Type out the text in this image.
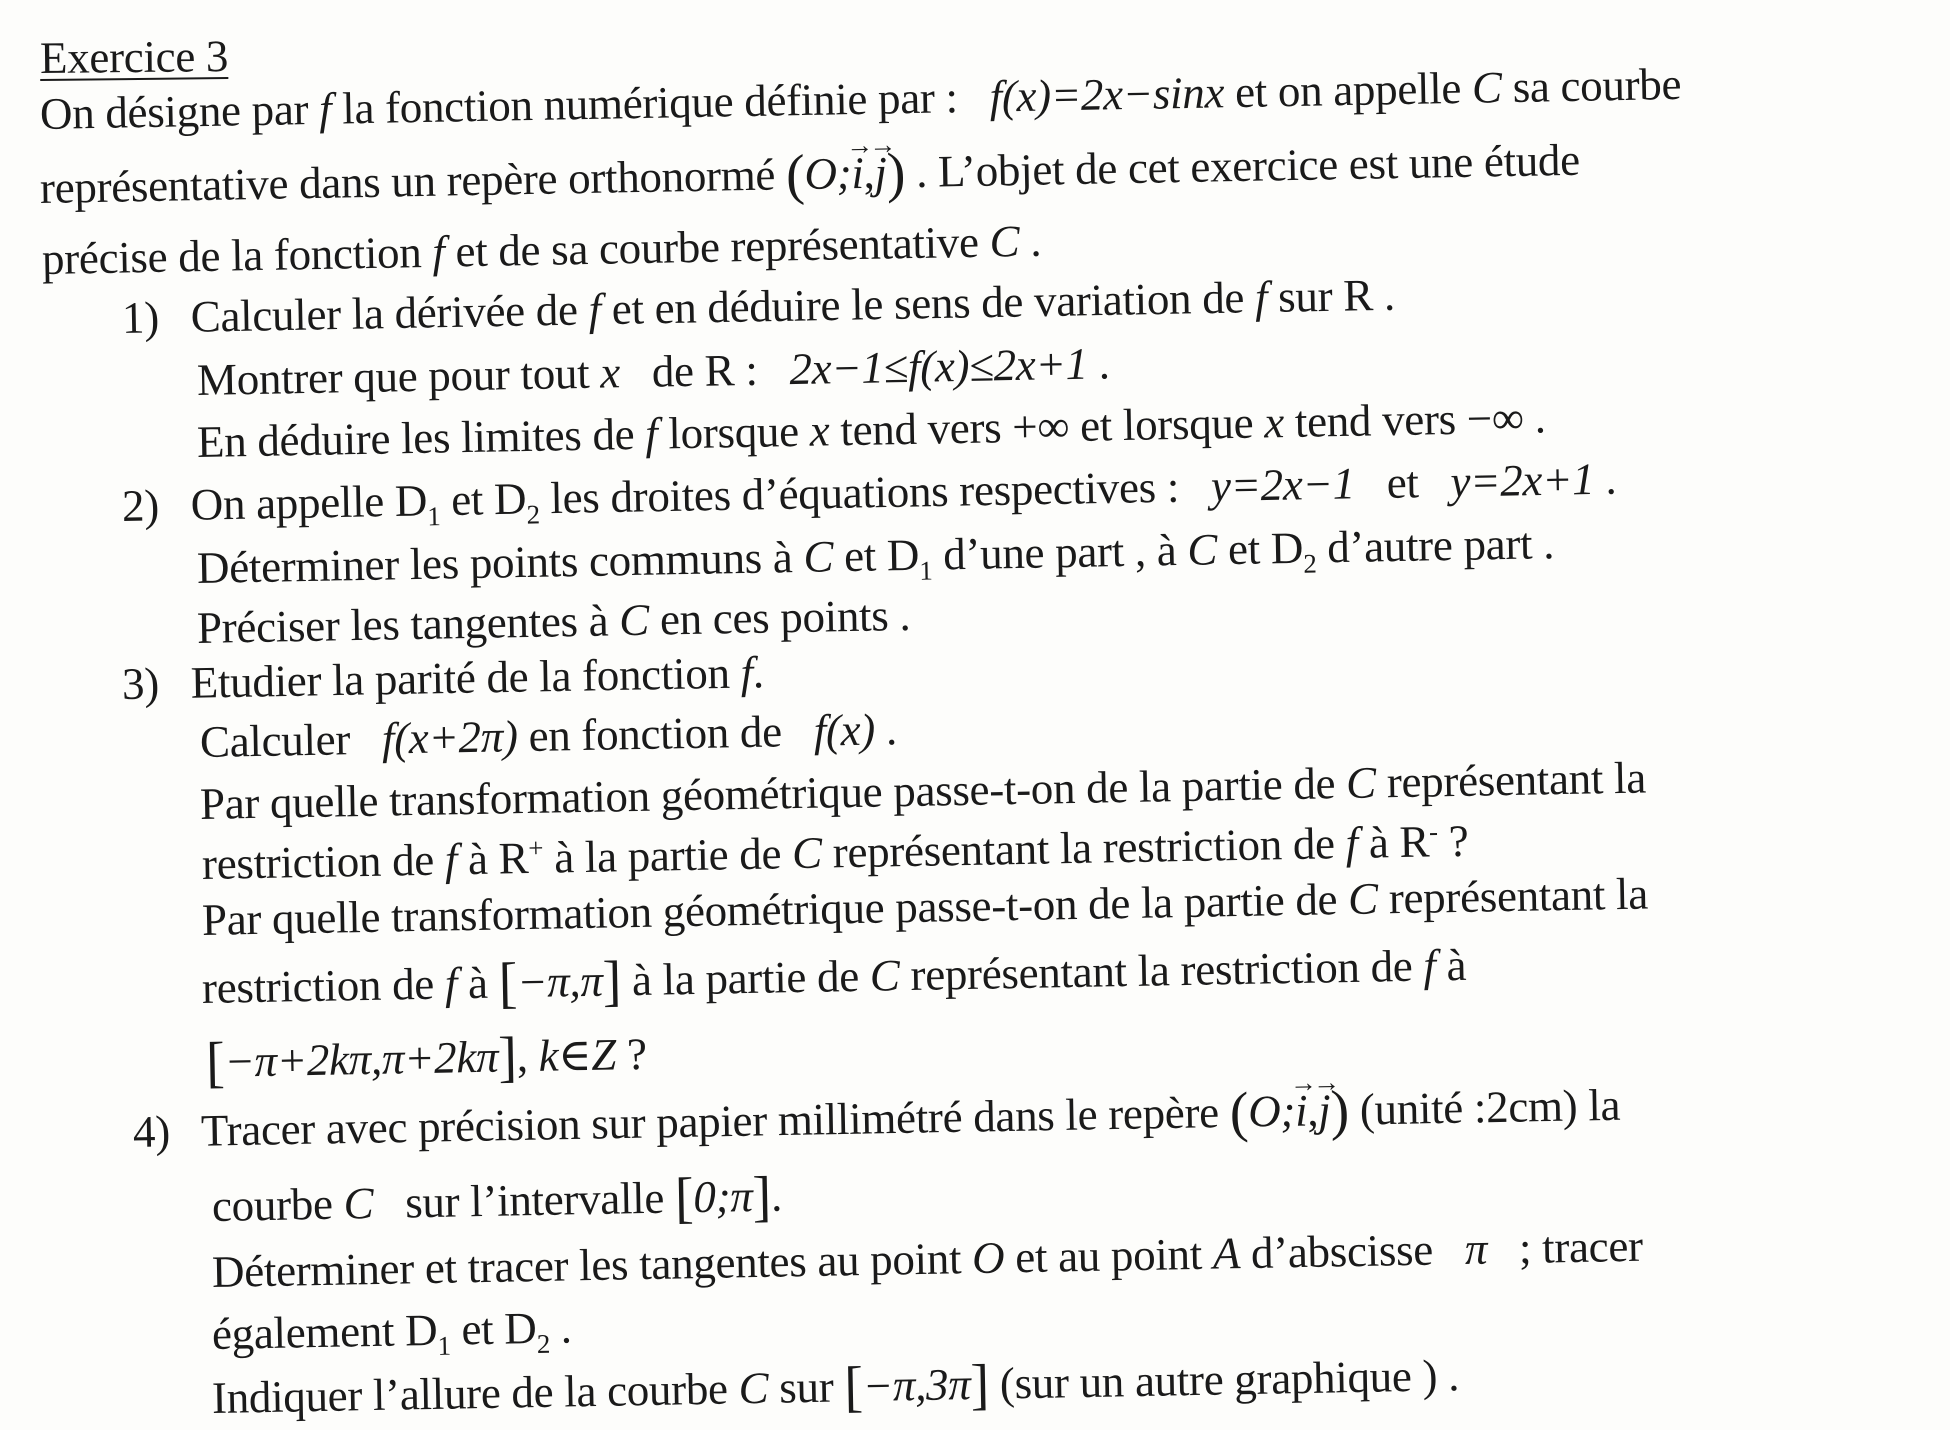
Exercice 3
On désigne par f la fonction numérique définie par : f(x)=2x−sinx et on appelle C sa courbe
représentative dans un repère orthonormé (O;→ i,→ j) . L’objet de cet exercice est une étude
précise de la fonction f et de sa courbe représentative C .
1) Calculer la dérivée de f et en déduire le sens de variation de f sur R .
Montrer que pour tout x de R : 2x−1≤f(x)≤2x+1 .
En déduire les limites de f lorsque x tend vers +∞ et lorsque x tend vers −∞ .
2) On appelle $D_1$ et $D_2$ les droites d’équations respectives : y=2x−1 et y=2x+1 .
Déterminer les points communs à C et $D_1$ d’une part , à C et $D_2$ d’autre part .
Préciser les tangentes à C en ces points .
3) Etudier la parité de la fonction f.
Calculer f(x+2π) en fonction de f(x) .
Par quelle transformation géométrique passe-t-on de la partie de C représentant la
restriction de f à R+ à la partie de C représentant la restriction de f à R- ?
Par quelle transformation géométrique passe-t-on de la partie de C représentant la
restriction de f à [−π,π] à la partie de C représentant la restriction de f à
[−π+2kπ,π+2kπ], k∈Z ?
4) Tracer avec précision sur papier millimétré dans le repère (O;→ i,→ j) (unité :2cm) la
courbe C sur l’intervalle [0;π].
Déterminer et tracer les tangentes au point O et au point A d’abscisse π ; tracer
également $D_1$ et $D_2$ .
Indiquer l’allure de la courbe C sur [−π,3π] (sur un autre graphique ) .
